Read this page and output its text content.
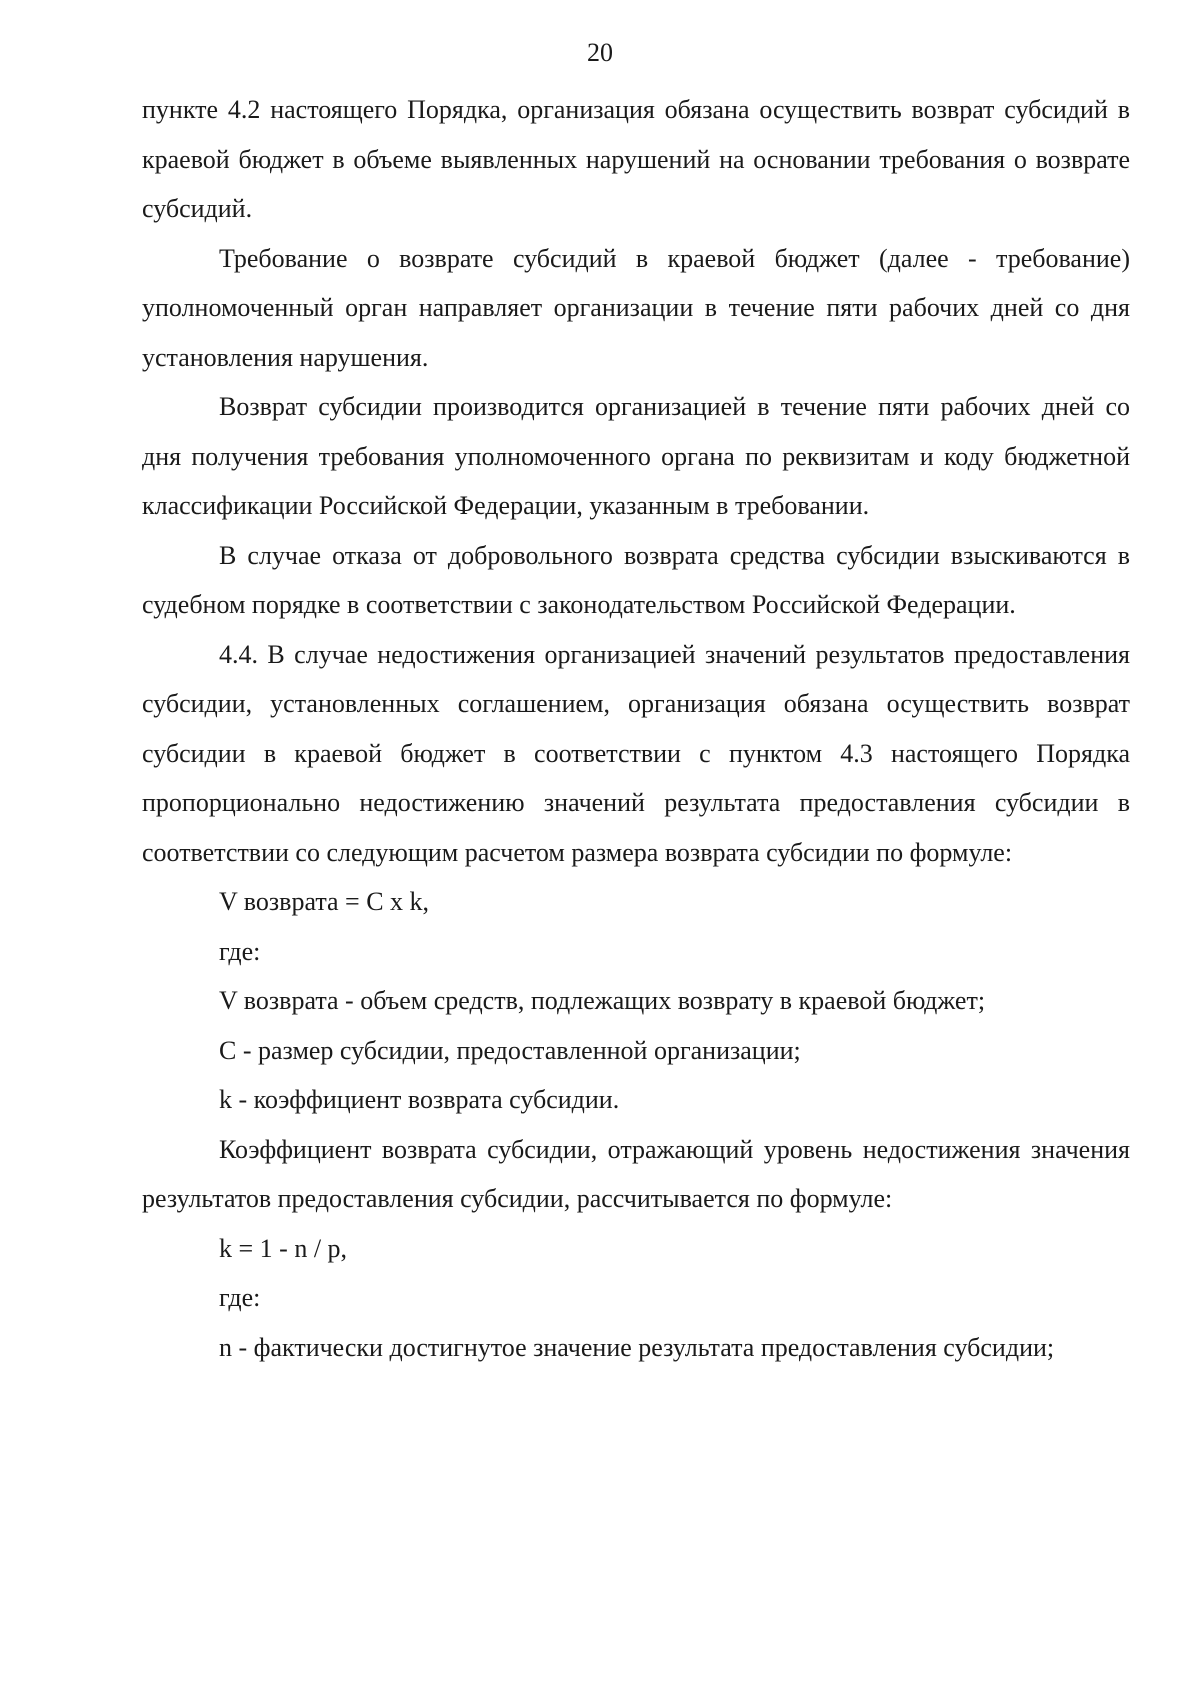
20

пункте 4.2 настоящего Порядка, организация обязана осуществить возврат субсидий в краевой бюджет в объеме выявленных нарушений на основании требования о возврате субсидий.

Требование о возврате субсидий в краевой бюджет (далее - требование) уполномоченный орган направляет организации в течение пяти рабочих дней со дня установления нарушения.

Возврат субсидии производится организацией в течение пяти рабочих дней со дня получения требования уполномоченного органа по реквизитам и коду бюджетной классификации Российской Федерации, указанным в требовании.

В случае отказа от добровольного возврата средства субсидии взыскиваются в судебном порядке в соответствии с законодательством Российской Федерации.

4.4. В случае недостижения организацией значений результатов предоставления субсидии, установленных соглашением, организация обязана осуществить возврат субсидии в краевой бюджет в соответствии с пунктом 4.3 настоящего Порядка пропорционально недостижению значений результата предоставления субсидии в соответствии со следующим расчетом размера возврата субсидии по формуле:

V возврата = C x k,

где:

V возврата - объем средств, подлежащих возврату в краевой бюджет;

C - размер субсидии, предоставленной организации;

k - коэффициент возврата субсидии.

Коэффициент возврата субсидии, отражающий уровень недостижения значения результатов предоставления субсидии, рассчитывается по формуле:

k = 1 - n / p,

где:

n - фактически достигнутое значение результата предоставления субсидии;
